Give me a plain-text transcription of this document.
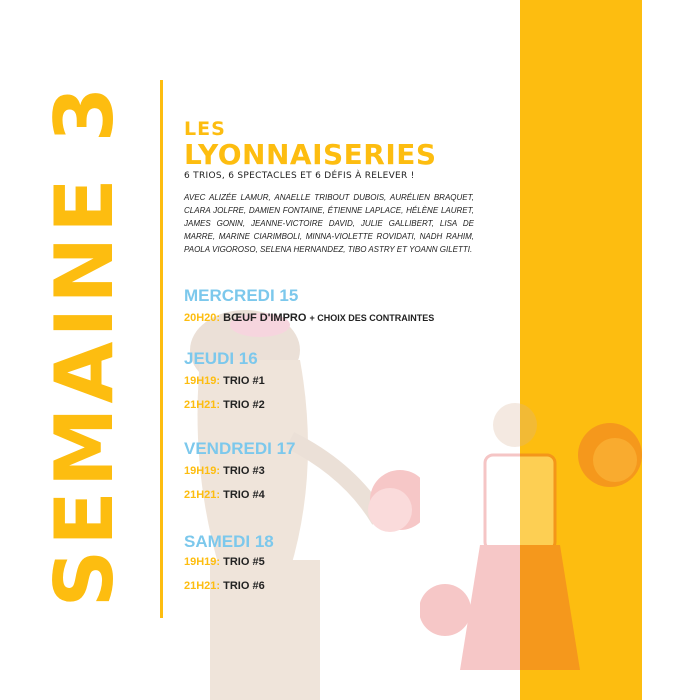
SEMAINE 3	LES
LYONNAISERIES
6 TRIOS, 6 SPECTACLES ET 6 DÉFIS À RELEVER !
AVEC ALIZÉE LAMUR, ANAELLE TRIBOUT DUBOIS, AURÉLIEN BRAQUET, CLARA JOLFRE, DAMIEN FONTAINE, ÉTIENNE LAPLACE, HÉLÈNE LAURET, JAMES GONIN, JEANNE-VICTOIRE DAVID, JULIE GALLIBERT, LISA DE MARRE, MARINE CIARIMBOLI, MINNA-VIOLETTE ROVIDATI, NADH RAHIM, PAOLA VIGOROSO, SELENA HERNANDEZ, TIBO ASTRY ET YOANN GILETTI.
MERCREDI 15
20H20: BŒUF D'IMPRO + CHOIX DES CONTRAINTES
JEUDI 16
19H19: TRIO #1
21H21: TRIO #2
VENDREDI 17
19H19: TRIO #3
21H21: TRIO #4
SAMEDI 18
19H19: TRIO #5
21H21: TRIO #6
